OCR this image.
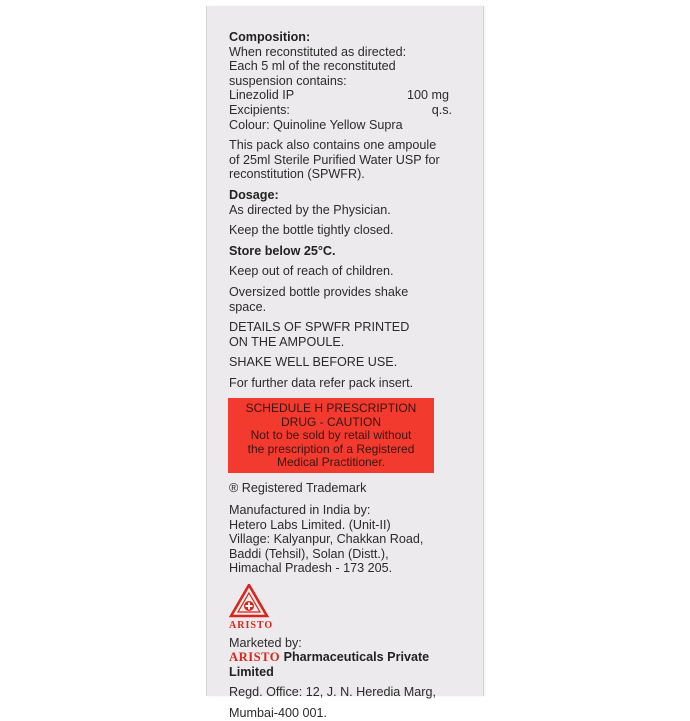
Composition:

When reconstituted as directed:

Each 5 ml of the reconstituted

suspension contains:

Linezolid IP	100 mg
Excipients:	q.s.

Colour: Quinoline Yellow Supra

This pack also contains one ampoule

of 25ml Sterile Purified Water USP for

reconstitution (SPWFR).

Dosage:

As directed by the Physician.

Keep the bottle tightly closed.

Store below 25°C.

Keep out of reach of children.

Oversized bottle provides shake

space.

DETAILS OF SPWFR PRINTED

ON THE AMPOULE.

SHAKE WELL BEFORE USE.

For further data refer pack insert.

SCHEDULE H PRESCRIPTION
DRUG - CAUTION
Not to be sold by retail without
the prescription of a Registered
Medical Practitioner.

® Registered Trademark

Manufactured in India by:

Hetero Labs Limited. (Unit-II)

Village: Kalyanpur, Chakkan Road,

Baddi (Tehsil), Solan (Distt.),

Himachal Pradesh - 173 205.

ARISTO

Marketed by:

ARISTO Pharmaceuticals Private

Limited

Regd. Office: 12, J. N. Heredia Marg,

Mumbai-400 001.
